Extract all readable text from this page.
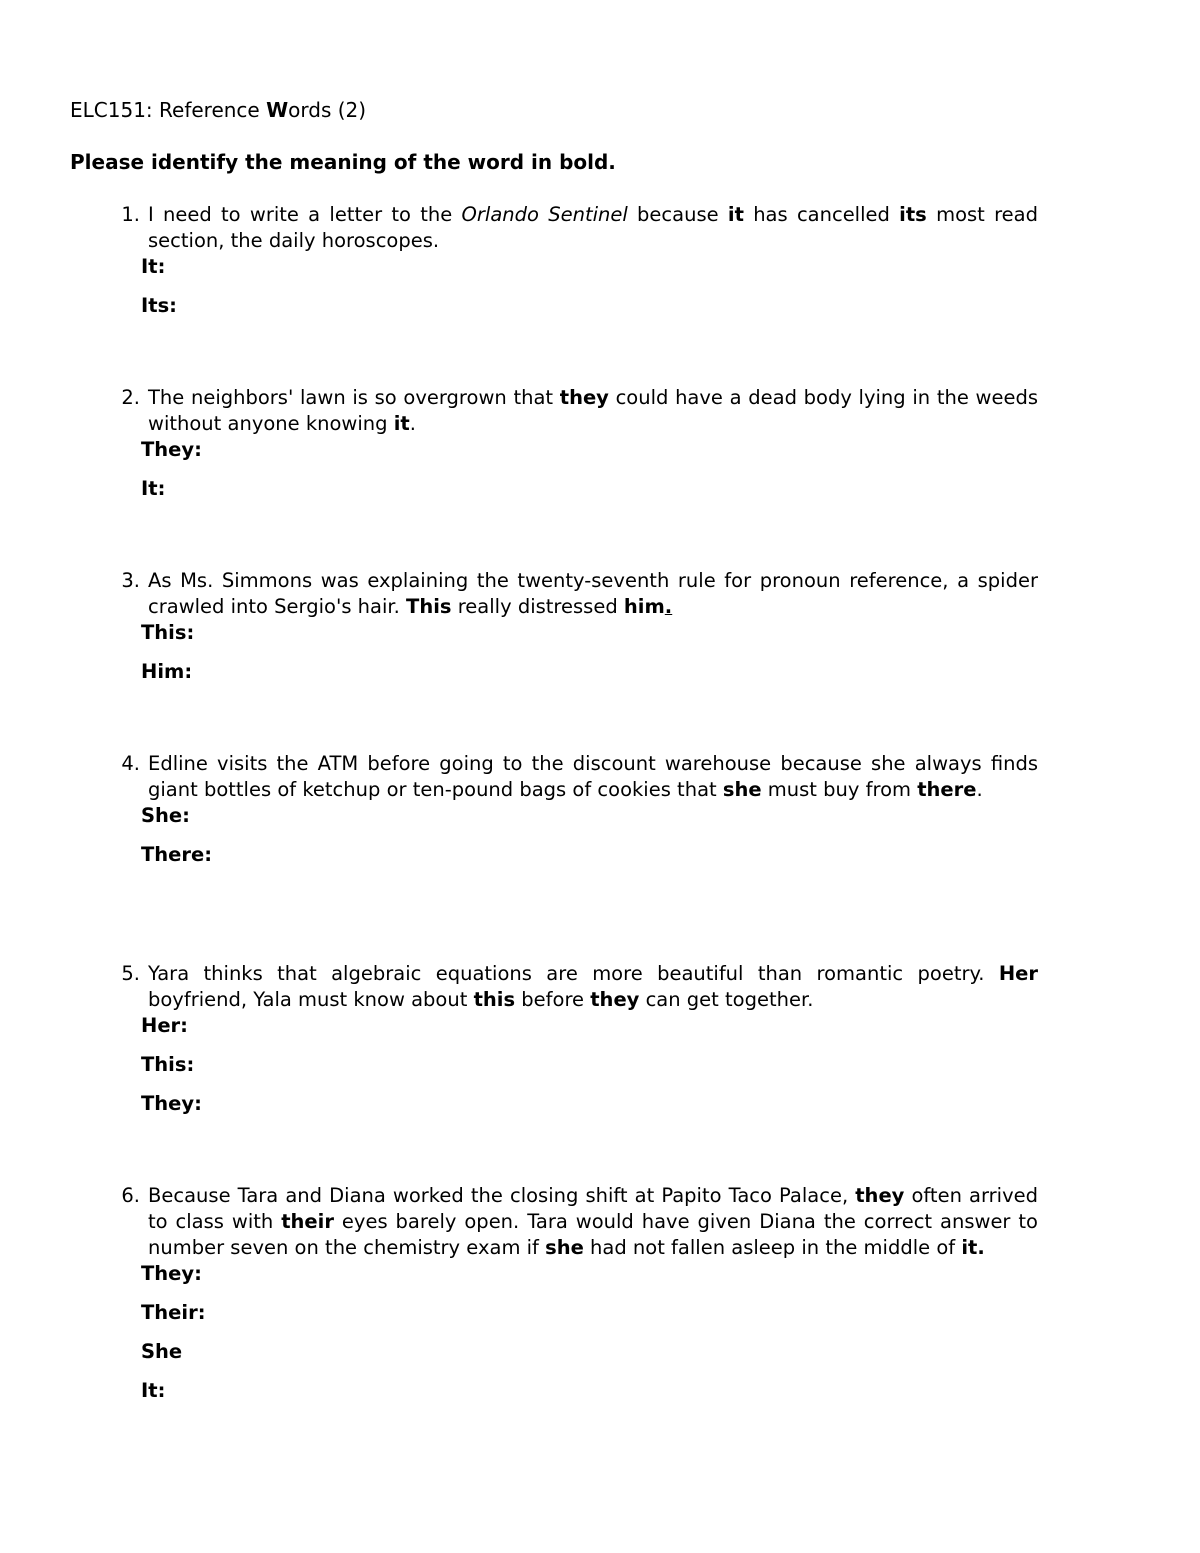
ELC151: Reference Words (2)

Please identify the meaning of the word in bold.

1. I need to write a letter to the Orlando Sentinel because it has cancelled its most read section, the daily horoscopes.
It:
Its:
2. The neighbors' lawn is so overgrown that they could have a dead body lying in the weeds without anyone knowing it.
They:
It:
3. As Ms. Simmons was explaining the twenty-seventh rule for pronoun reference, a spider crawled into Sergio's hair. This really distressed him.
This:
Him:
4. Edline visits the ATM before going to the discount warehouse because she always finds giant bottles of ketchup or ten-pound bags of cookies that she must buy from there.
She:
There:
5. Yara thinks that algebraic equations are more beautiful than romantic poetry. Her boyfriend, Yala must know about this before they can get together.
Her:
This:
They:
6. Because Tara and Diana worked the closing shift at Papito Taco Palace, they often arrived to class with their eyes barely open. Tara would have given Diana the correct answer to number seven on the chemistry exam if she had not fallen asleep in the middle of it.
They:
Their:
She
It:
